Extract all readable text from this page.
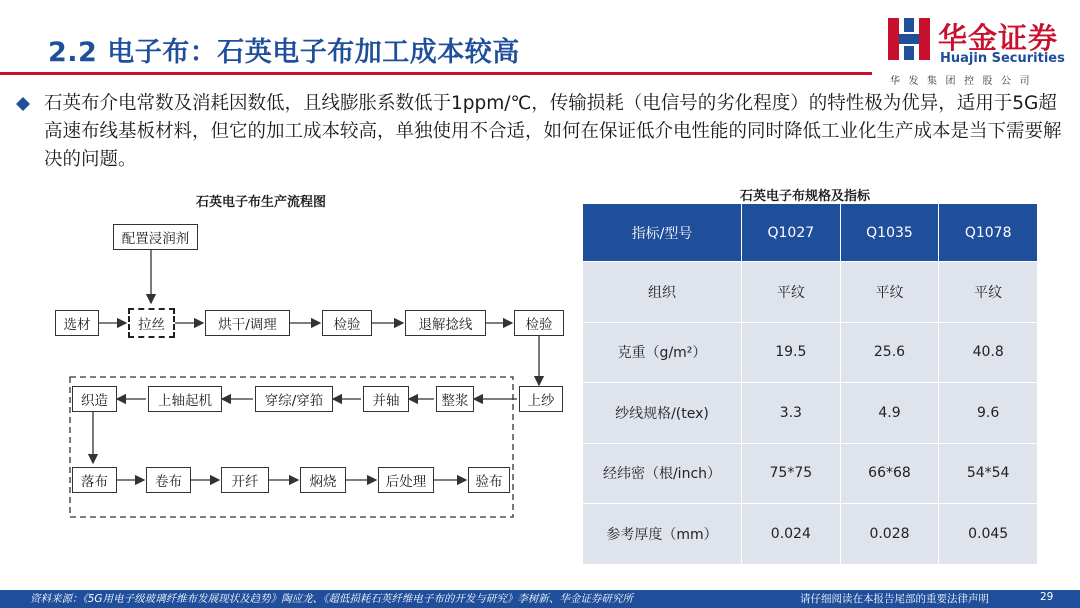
2.2 电子布：石英电子布加工成本较高	华金证券
Huajin Securities
华发集团控股公司
石英布介电常数及消耗因数低，且线膨胀系数低于1ppm/℃，传输损耗（电信号的劣化程度）的特性极为优异，适用于5G超高速布线基板材料，但它的加工成本较高，单独使用不合适，如何在保证低介电性能的同时降低工业化生产成本是当下需要解决的问题。
石英电子布生产流程图
配置浸润剂
选材	拉丝	烘干/调理	检验	退解捻线	检验
上纱
整浆
并轴
穿综/穿筘
上轴起机
织造
落布	卷布	开纤	焖烧	后处理	验布
石英电子布规格及指标
指标/型号	Q1027	Q1035	Q1078
组织	平纹	平纹	平纹
克重（g/m²）	19.5	25.6	40.8
纱线规格/(tex)	3.3	4.9	9.6
经纬密（根/inch）	75*75	66*68	54*54
参考厚度（mm）	0.024	0.028	0.045
资料来源：《5G用电子级玻璃纤维布发展现状及趋势》陶应龙、《超低损耗石英纤维电子布的开发与研究》李树新、华金证券研究所	请仔细阅读在本报告尾部的重要法律声明	29
